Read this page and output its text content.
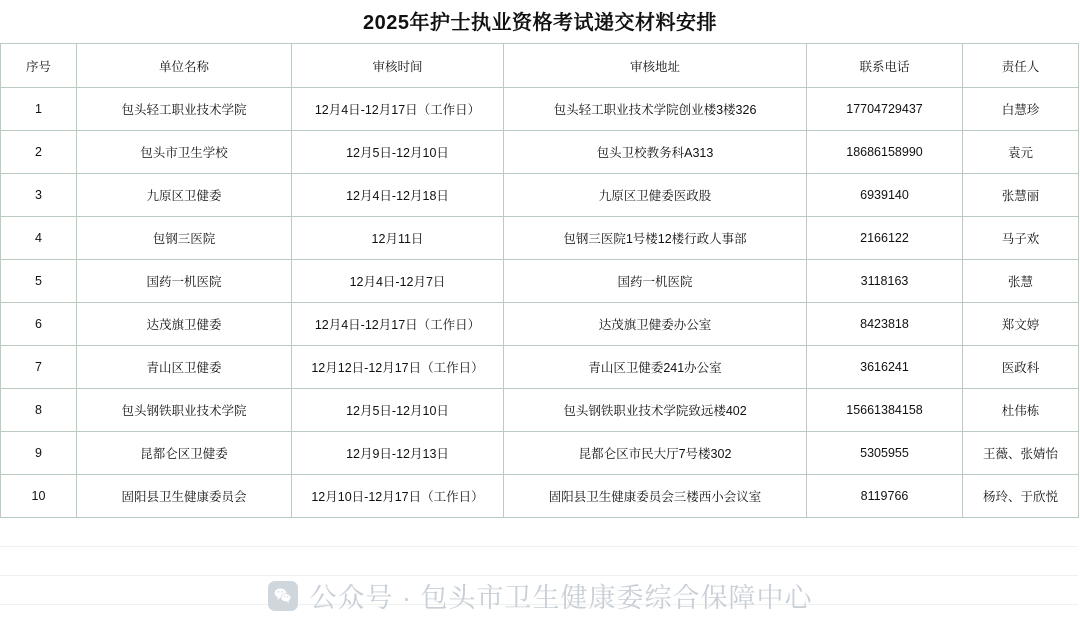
2025年护士执业资格考试递交材料安排
序号	单位名称	审核时间	审核地址	联系电话	责任人
1	包头轻工职业技术学院	12月4日-12月17日（工作日）	包头轻工职业技术学院创业楼3楼326	17704729437	白慧珍
2	包头市卫生学校	12月5日-12月10日	包头卫校教务科A313	18686158990	袁元
3	九原区卫健委	12月4日-12月18日	九原区卫健委医政股	6939140	张慧丽
4	包钢三医院	12月11日	包钢三医院1号楼12楼行政人事部	2166122	马子欢
5	国药一机医院	12月4日-12月7日	国药一机医院	3118163	张慧
6	达茂旗卫健委	12月4日-12月17日（工作日）	达茂旗卫健委办公室	8423818	郑文婷
7	青山区卫健委	12月12日-12月17日（工作日）	青山区卫健委241办公室	3616241	医政科
8	包头钢铁职业技术学院	12月5日-12月10日	包头钢铁职业技术学院致远楼402	15661384158	杜伟栋
9	昆都仑区卫健委	12月9日-12月13日	昆都仑区市民大厅7号楼302	5305955	王薇、张婧怡
10	固阳县卫生健康委员会	12月10日-12月17日（工作日）	固阳县卫生健康委员会三楼西小会议室	8119766	杨玲、于欣悦
公众号 · 包头市卫生健康委综合保障中心
